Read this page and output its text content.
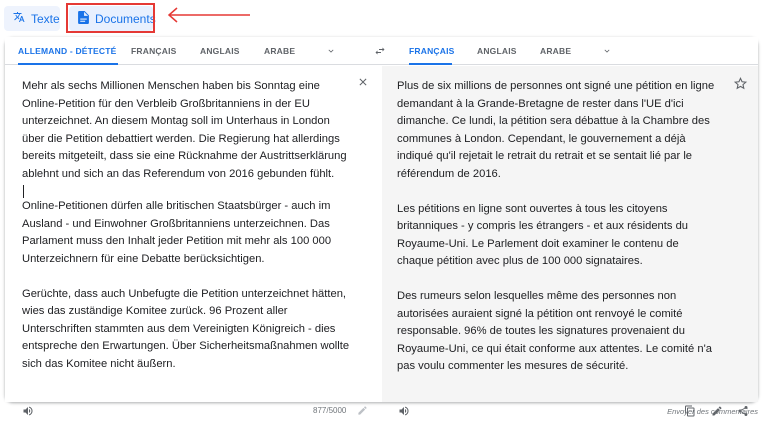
Texte	Documents
ALLEMAND - DÉTECTÉ FRANÇAIS	ANGLAIS	ARABE	FRANÇAIS	ANGLAIS	ARABE

Mehr als sechs Millionen Menschen haben bis Sonntag eine Online-Petition für den Verbleib Großbritanniens in der EU unterzeichnet. An diesem Montag soll im Unterhaus in London über die Petition debattiert werden. Die Regierung hat allerdings bereits mitgeteilt, dass sie eine Rücknahme der Austrittserklärung ablehnt und sich an das Referendum von 2016 gebunden fühlt.

Online-Petitionen dürfen alle britischen Staatsbürger - auch im Ausland - und Einwohner Großbritanniens unterzeichnen. Das Parlament muss den Inhalt jeder Petition mit mehr als 100 000 Unterzeichnern für eine Debatte berücksichtigen.

Gerüchte, dass auch Unbefugte die Petition unterzeichnet hätten, wies das zuständige Komitee zurück. 96 Prozent aller Unterschriften stammten aus dem Vereinigten Königreich - dies entspreche den Erwartungen. Über Sicherheitsmaßnahmen wollte sich das Komitee nicht äußern.

877/5000

Plus de six millions de personnes ont signé une pétition en ligne demandant à la Grande-Bretagne de rester dans l'UE d'ici dimanche. Ce lundi, la pétition sera débattue à la Chambre des communes à London. Cependant, le gouvernement a déjà indiqué qu'il rejetait le retrait du retrait et se sentait lié par le référendum de 2016.

Les pétitions en ligne sont ouvertes à tous les citoyens britanniques - y compris les étrangers - et aux résidents du Royaume-Uni. Le Parlement doit examiner le contenu de chaque pétition avec plus de 100 000 signataires.

Des rumeurs selon lesquelles même des personnes non autorisées auraient signé la pétition ont renvoyé le comité responsable. 96% de toutes les signatures provenaient du Royaume-Uni, ce qui était conforme aux attentes. Le comité n'a pas voulu commenter les mesures de sécurité.

Envoyer des commentaires
